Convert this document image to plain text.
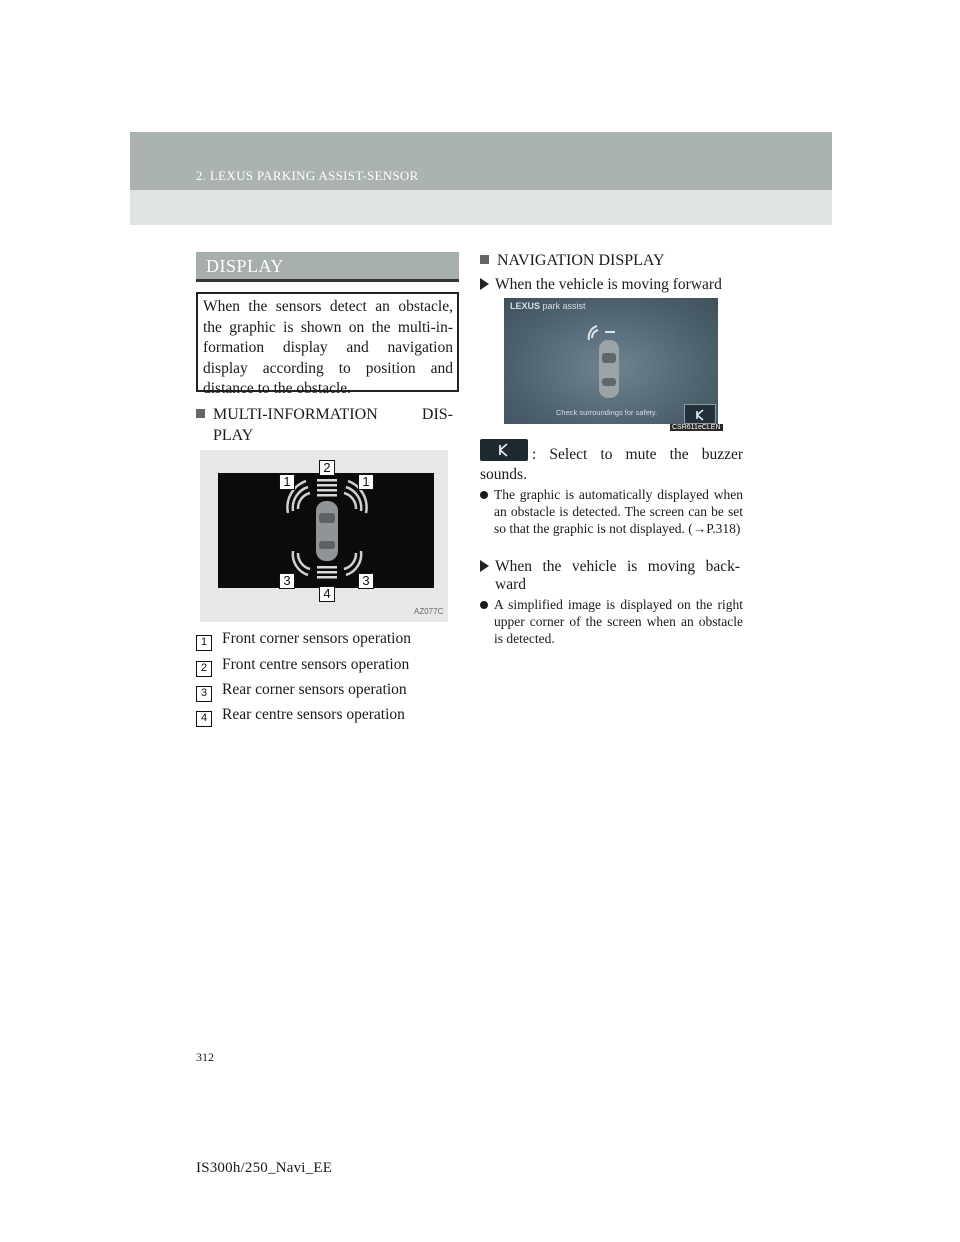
2. LEXUS PARKING ASSIST-SENSOR
DISPLAY
When the sensors detect an obstacle, the graphic is shown on the multi-in-formation display and navigation display according to position and distance to the obstacle.
MULTI-INFORMATION DIS-
PLAY
1
2
1
3	3
4
AZ077C
1 Front corner sensors operation
2 Front centre sensors operation
3 Rear corner sensors operation
4 Rear centre sensors operation
NAVIGATION DISPLAY
When the vehicle is moving forward
LEXUS park assist
Check surroundings for safety.
CSR611eCLEN
: Select to mute the buzzer sounds.
The graphic is automatically displayed when an obstacle is detected. The screen can be set so that the graphic is not displayed. (→P.318)
When the vehicle is moving back-
ward
A simplified image is displayed on the right upper corner of the screen when an obstacle is detected.
312
IS300h/250_Navi_EE
